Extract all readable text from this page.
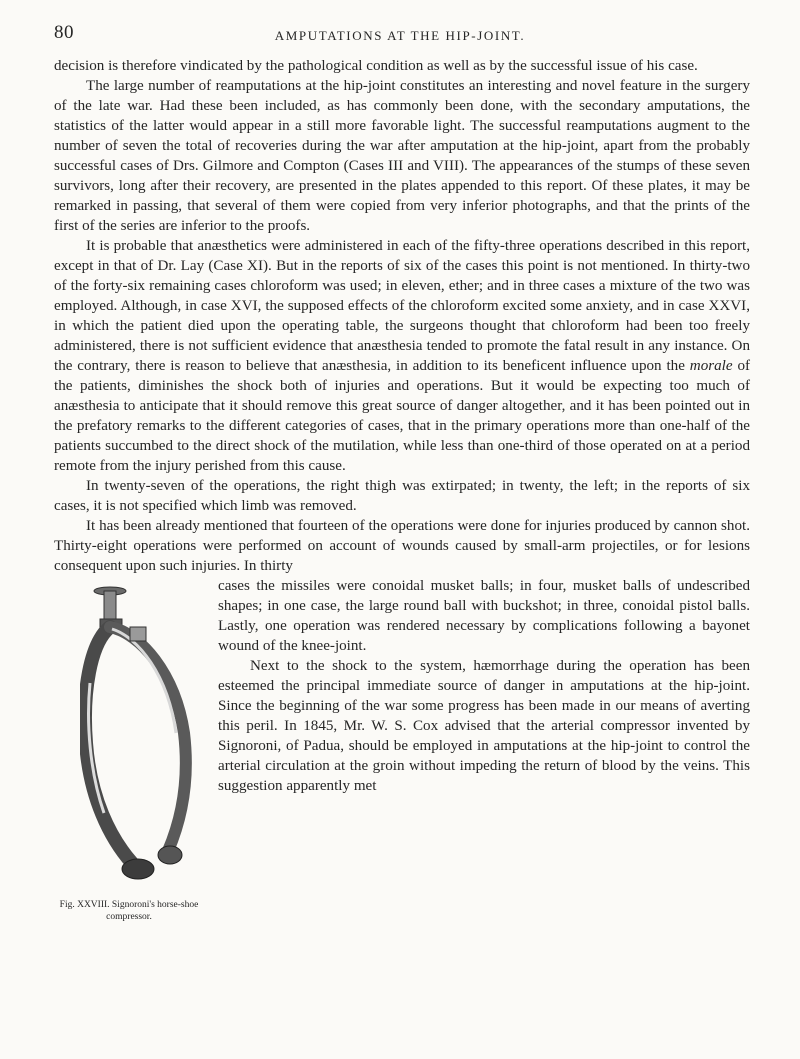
80	AMPUTATIONS AT THE HIP-JOINT.

decision is therefore vindicated by the pathological condition as well as by the successful issue of his case.

The large number of reamputations at the hip-joint constitutes an interesting and novel feature in the surgery of the late war. Had these been included, as has commonly been done, with the secondary amputations, the statistics of the latter would appear in a still more favorable light. The successful reamputations augment to the number of seven the total of recoveries during the war after amputation at the hip-joint, apart from the probably successful cases of Drs. Gilmore and Compton (Cases III and VIII). The appearances of the stumps of these seven survivors, long after their recovery, are presented in the plates appended to this report. Of these plates, it may be remarked in passing, that several of them were copied from very inferior photographs, and that the prints of the first of the series are inferior to the proofs.

It is probable that anæsthetics were administered in each of the fifty-three operations described in this report, except in that of Dr. Lay (Case XI). But in the reports of six of the cases this point is not mentioned. In thirty-two of the forty-six remaining cases chloroform was used; in eleven, ether; and in three cases a mixture of the two was employed. Although, in case XVI, the supposed effects of the chloroform excited some anxiety, and in case XXVI, in which the patient died upon the operating table, the surgeons thought that chloroform had been too freely administered, there is not sufficient evidence that anæsthesia tended to promote the fatal result in any instance. On the contrary, there is reason to believe that anæsthesia, in addition to its beneficent influence upon the morale of the patients, diminishes the shock both of injuries and operations. But it would be expecting too much of anæsthesia to anticipate that it should remove this great source of danger altogether, and it has been pointed out in the prefatory remarks to the different categories of cases, that in the primary operations more than one-half of the patients succumbed to the direct shock of the mutilation, while less than one-third of those operated on at a period remote from the injury perished from this cause.

In twenty-seven of the operations, the right thigh was extirpated; in twenty, the left; in the reports of six cases, it is not specified which limb was removed.

It has been already mentioned that fourteen of the operations were done for injuries produced by cannon shot. Thirty-eight operations were performed on account of wounds caused by small-arm projectiles, or for lesions consequent upon such injuries. In thirty

Fig. XXVIII. Signoroni's horse-shoe compressor.

cases the missiles were conoidal musket balls; in four, musket balls of undescribed shapes; in one case, the large round ball with buckshot; in three, conoidal pistol balls. Lastly, one operation was rendered necessary by complications following a bayonet wound of the knee-joint.

Next to the shock to the system, hæmorrhage during the operation has been esteemed the principal immediate source of danger in amputations at the hip-joint. Since the beginning of the war some progress has been made in our means of averting this peril. In 1845, Mr. W. S. Cox advised that the arterial compressor invented by Signoroni, of Padua, should be employed in amputations at the hip-joint to control the arterial circulation at the groin without impeding the return of blood by the veins. This suggestion apparently met
